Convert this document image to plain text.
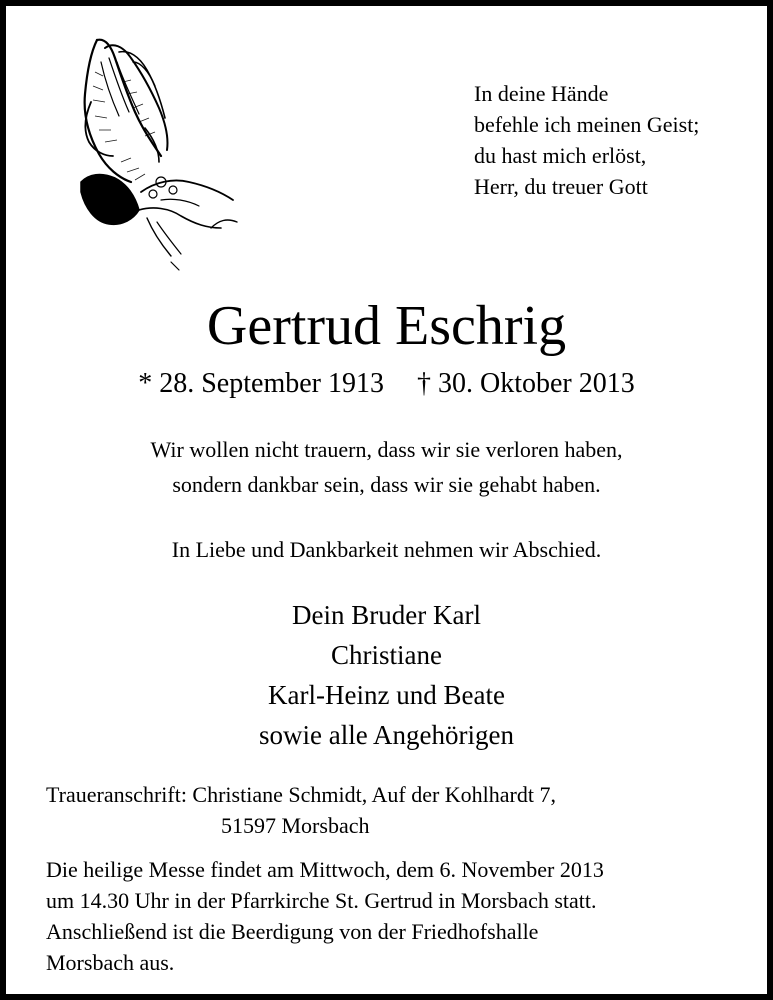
In deine Hände
befehle ich meinen Geist;
du hast mich erlöst,
Herr, du treuer Gott
Gertrud Eschrig
* 28. September 1913 † 30. Oktober 2013
Wir wollen nicht trauern, dass wir sie verloren haben,
sondern dankbar sein, dass wir sie gehabt haben.
In Liebe und Dankbarkeit nehmen wir Abschied.
Dein Bruder Karl
Christiane
Karl-Heinz und Beate
sowie alle Angehörigen
Traueranschrift: Christiane Schmidt, Auf der Kohlhardt 7,
51597 Morsbach
Die heilige Messe findet am Mittwoch, dem 6. November 2013
um 14.30 Uhr in der Pfarrkirche St. Gertrud in Morsbach statt.
Anschließend ist die Beerdigung von der Friedhofshalle
Morsbach aus.
